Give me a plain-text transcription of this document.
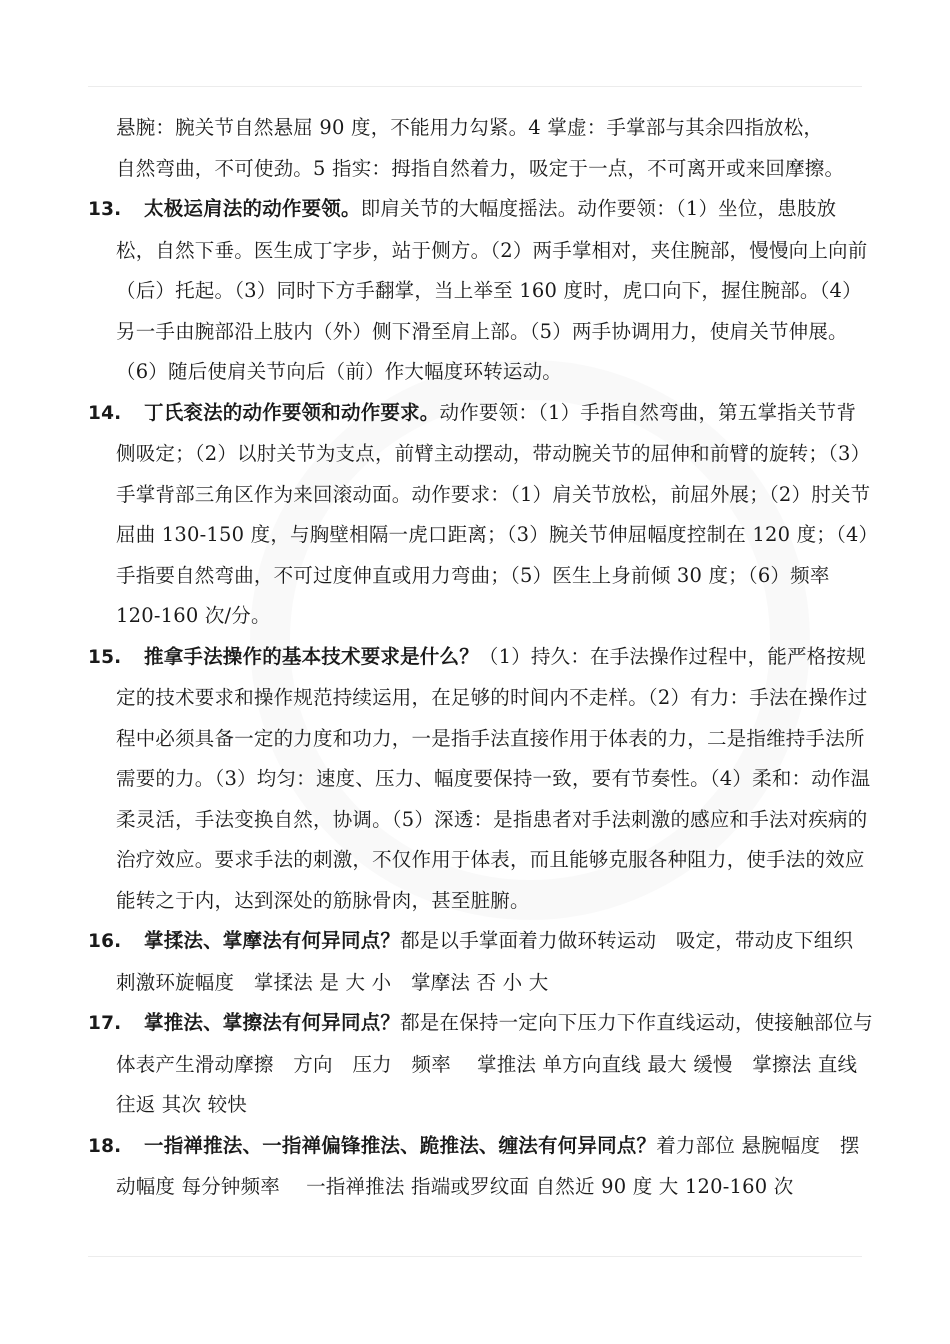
悬腕：腕关节自然悬屈 90 度，不能用力勾紧。4 掌虚：手掌部与其余四指放松，

自然弯曲，不可使劲。5 指实：拇指自然着力，吸定于一点，不可离开或来回摩擦。

13. 太极运肩法的动作要领。即肩关节的大幅度摇法。动作要领：（1）坐位，患肢放松，自然下垂。医生成丁字步，站于侧方。（2）两手掌相对，夹住腕部，慢慢向上向前（后）托起。（3）同时下方手翻掌，当上举至 160 度时，虎口向下，握住腕部。（4）另一手由腕部沿上肢内（外）侧下滑至肩上部。（5）两手协调用力，使肩关节伸展。（6）随后使肩关节向后（前）作大幅度环转运动。

14. 丁氏衮法的动作要领和动作要求。动作要领：（1）手指自然弯曲，第五掌指关节背侧吸定；（2）以肘关节为支点，前臂主动摆动，带动腕关节的屈伸和前臂的旋转；（3）手掌背部三角区作为来回滚动面。动作要求：（1）肩关节放松，前屈外展；（2）肘关节屈曲 130-150 度，与胸壁相隔一虎口距离；（3）腕关节伸屈幅度控制在 120 度；（4）手指要自然弯曲，不可过度伸直或用力弯曲；（5）医生上身前倾 30 度；（6）频率 120-160 次/分。

15. 推拿手法操作的基本技术要求是什么？（1）持久：在手法操作过程中，能严格按规定的技术要求和操作规范持续运用，在足够的时间内不走样。（2）有力：手法在操作过程中必须具备一定的力度和功力，一是指手法直接作用于体表的力，二是指维持手法所需要的力。（3）均匀：速度、压力、幅度要保持一致，要有节奏性。（4）柔和：动作温柔灵活，手法变换自然，协调。（5）深透：是指患者对手法刺激的感应和手法对疾病的治疗效应。要求手法的刺激，不仅作用于体表，而且能够克服各种阻力，使手法的效应能转之于内，达到深处的筋脉骨肉，甚至脏腑。

16. 掌揉法、掌摩法有何异同点？都是以手掌面着力做环转运动　吸定，带动皮下组织　刺激环旋幅度　掌揉法 是 大 小　掌摩法 否 小 大

17. 掌推法、掌擦法有何异同点？都是在保持一定向下压力下作直线运动，使接触部位与体表产生滑动摩擦　方向　压力　频率　 掌推法 单方向直线 最大 缓慢　掌擦法 直线往返 其次 较快

18. 一指禅推法、一指禅偏锋推法、跪推法、缠法有何异同点？着力部位 悬腕幅度　摆动幅度 每分钟频率　 一指禅推法 指端或罗纹面 自然近 90 度 大 120-160 次
